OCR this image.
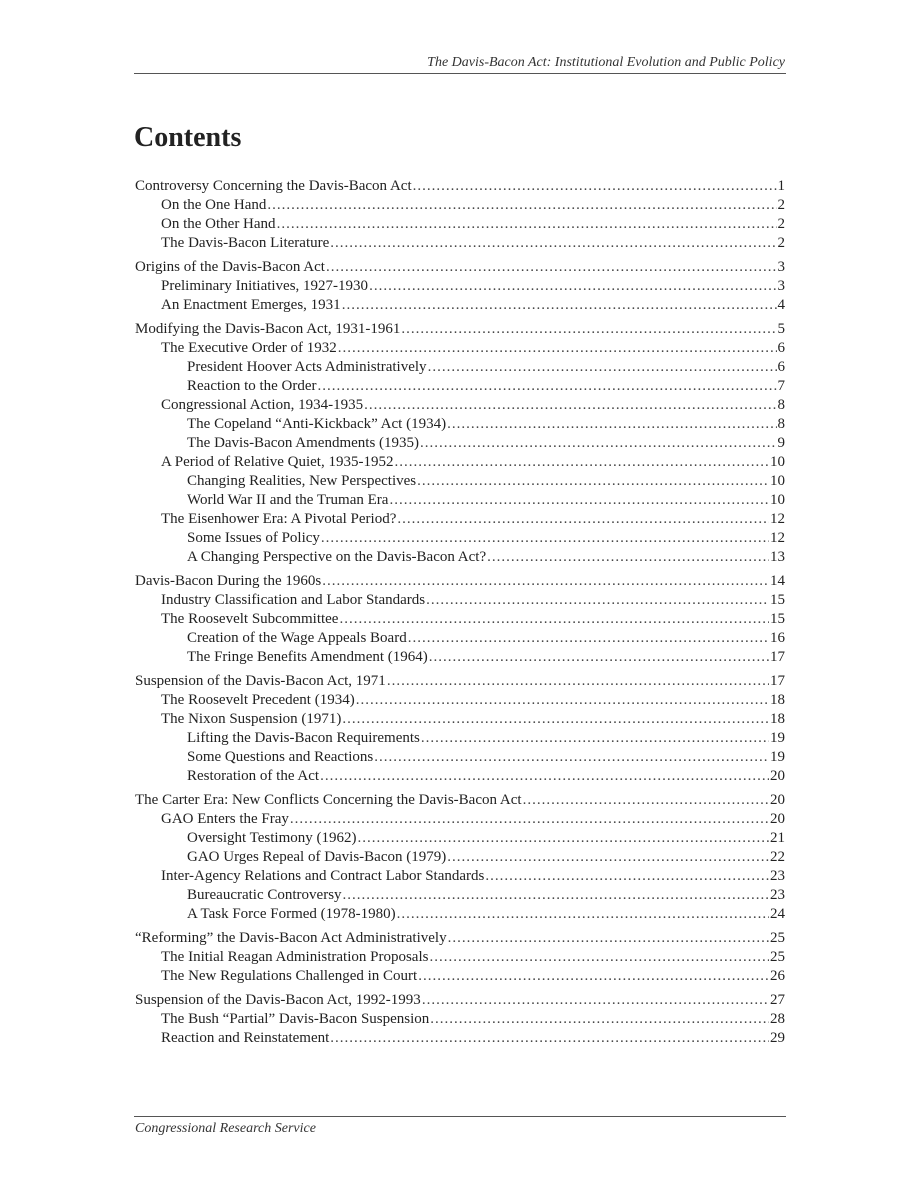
The Davis-Bacon Act: Institutional Evolution and Public Policy
Contents
Controversy Concerning the Davis-Bacon Act .....	1
On the One Hand .....	2
On the Other Hand .....	2
The Davis-Bacon Literature .....	2
Origins of the Davis-Bacon Act .....	3
Preliminary Initiatives, 1927-1930 .....	3
An Enactment Emerges, 1931 .....	4
Modifying the Davis-Bacon Act, 1931-1961 .....	5
The Executive Order of 1932 .....	6
President Hoover Acts Administratively .....	6
Reaction to the Order .....	7
Congressional Action, 1934-1935 .....	8
The Copeland “Anti-Kickback” Act (1934) .....	8
The Davis-Bacon Amendments (1935) .....	9
A Period of Relative Quiet, 1935-1952 .....	10
Changing Realities, New Perspectives .....	10
World War II and the Truman Era .....	10
The Eisenhower Era: A Pivotal Period? .....	12
Some Issues of Policy .....	12
A Changing Perspective on the Davis-Bacon Act? .....	13
Davis-Bacon During the 1960s .....	14
Industry Classification and Labor Standards .....	15
The Roosevelt Subcommittee .....	15
Creation of the Wage Appeals Board .....	16
The Fringe Benefits Amendment (1964) .....	17
Suspension of the Davis-Bacon Act, 1971 .....	17
The Roosevelt Precedent (1934) .....	18
The Nixon Suspension (1971) .....	18
Lifting the Davis-Bacon Requirements .....	19
Some Questions and Reactions .....	19
Restoration of the Act .....	20
The Carter Era: New Conflicts Concerning the Davis-Bacon Act .....	20
GAO Enters the Fray .....	20
Oversight Testimony (1962) .....	21
GAO Urges Repeal of Davis-Bacon (1979) .....	22
Inter-Agency Relations and Contract Labor Standards .....	23
Bureaucratic Controversy .....	23
A Task Force Formed (1978-1980) .....	24
“Reforming” the Davis-Bacon Act Administratively .....	25
The Initial Reagan Administration Proposals .....	25
The New Regulations Challenged in Court .....	26
Suspension of the Davis-Bacon Act, 1992-1993 .....	27
The Bush “Partial” Davis-Bacon Suspension .....	28
Reaction and Reinstatement .....	29
Congressional Research Service
